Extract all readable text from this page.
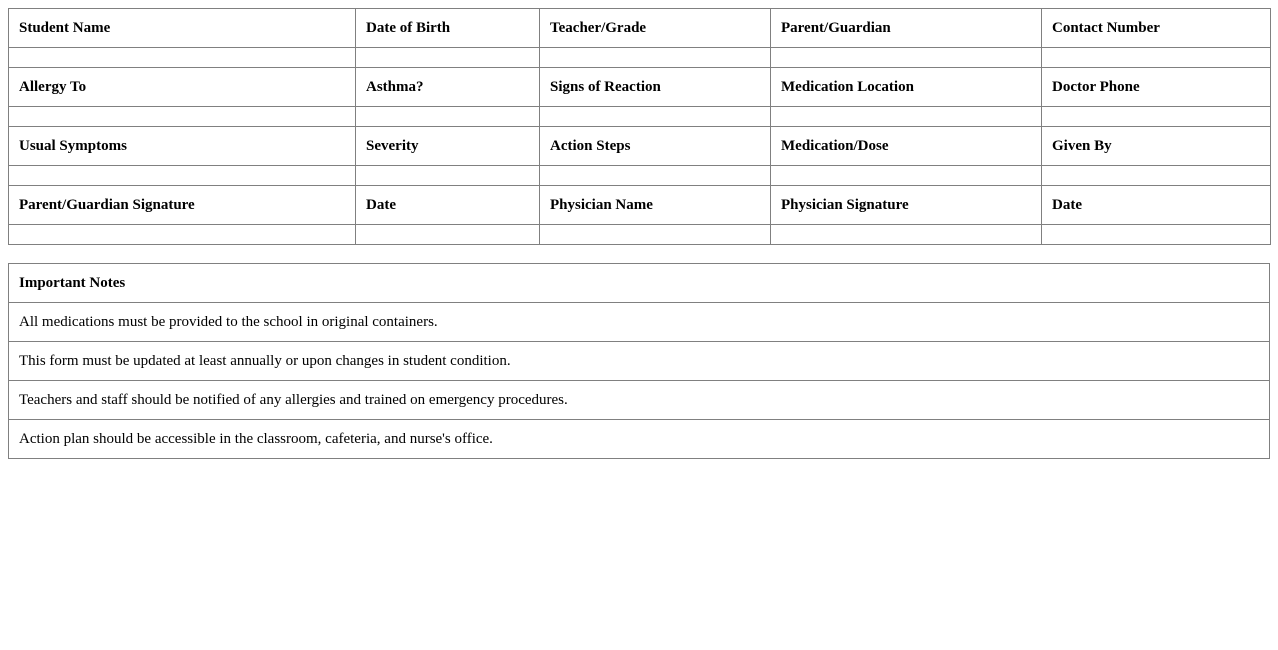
Student Name	Date of Birth	Teacher/Grade	Parent/Guardian	Contact Number

Allergy To	Asthma?	Signs of Reaction	Medication Location	Doctor Phone

Usual Symptoms	Severity	Action Steps	Medication/Dose	Given By

Parent/Guardian Signature	Date	Physician Name	Physician Signature	Date

Important Notes
All medications must be provided to the school in original containers.
This form must be updated at least annually or upon changes in student condition.
Teachers and staff should be notified of any allergies and trained on emergency procedures.
Action plan should be accessible in the classroom, cafeteria, and nurse's office.
